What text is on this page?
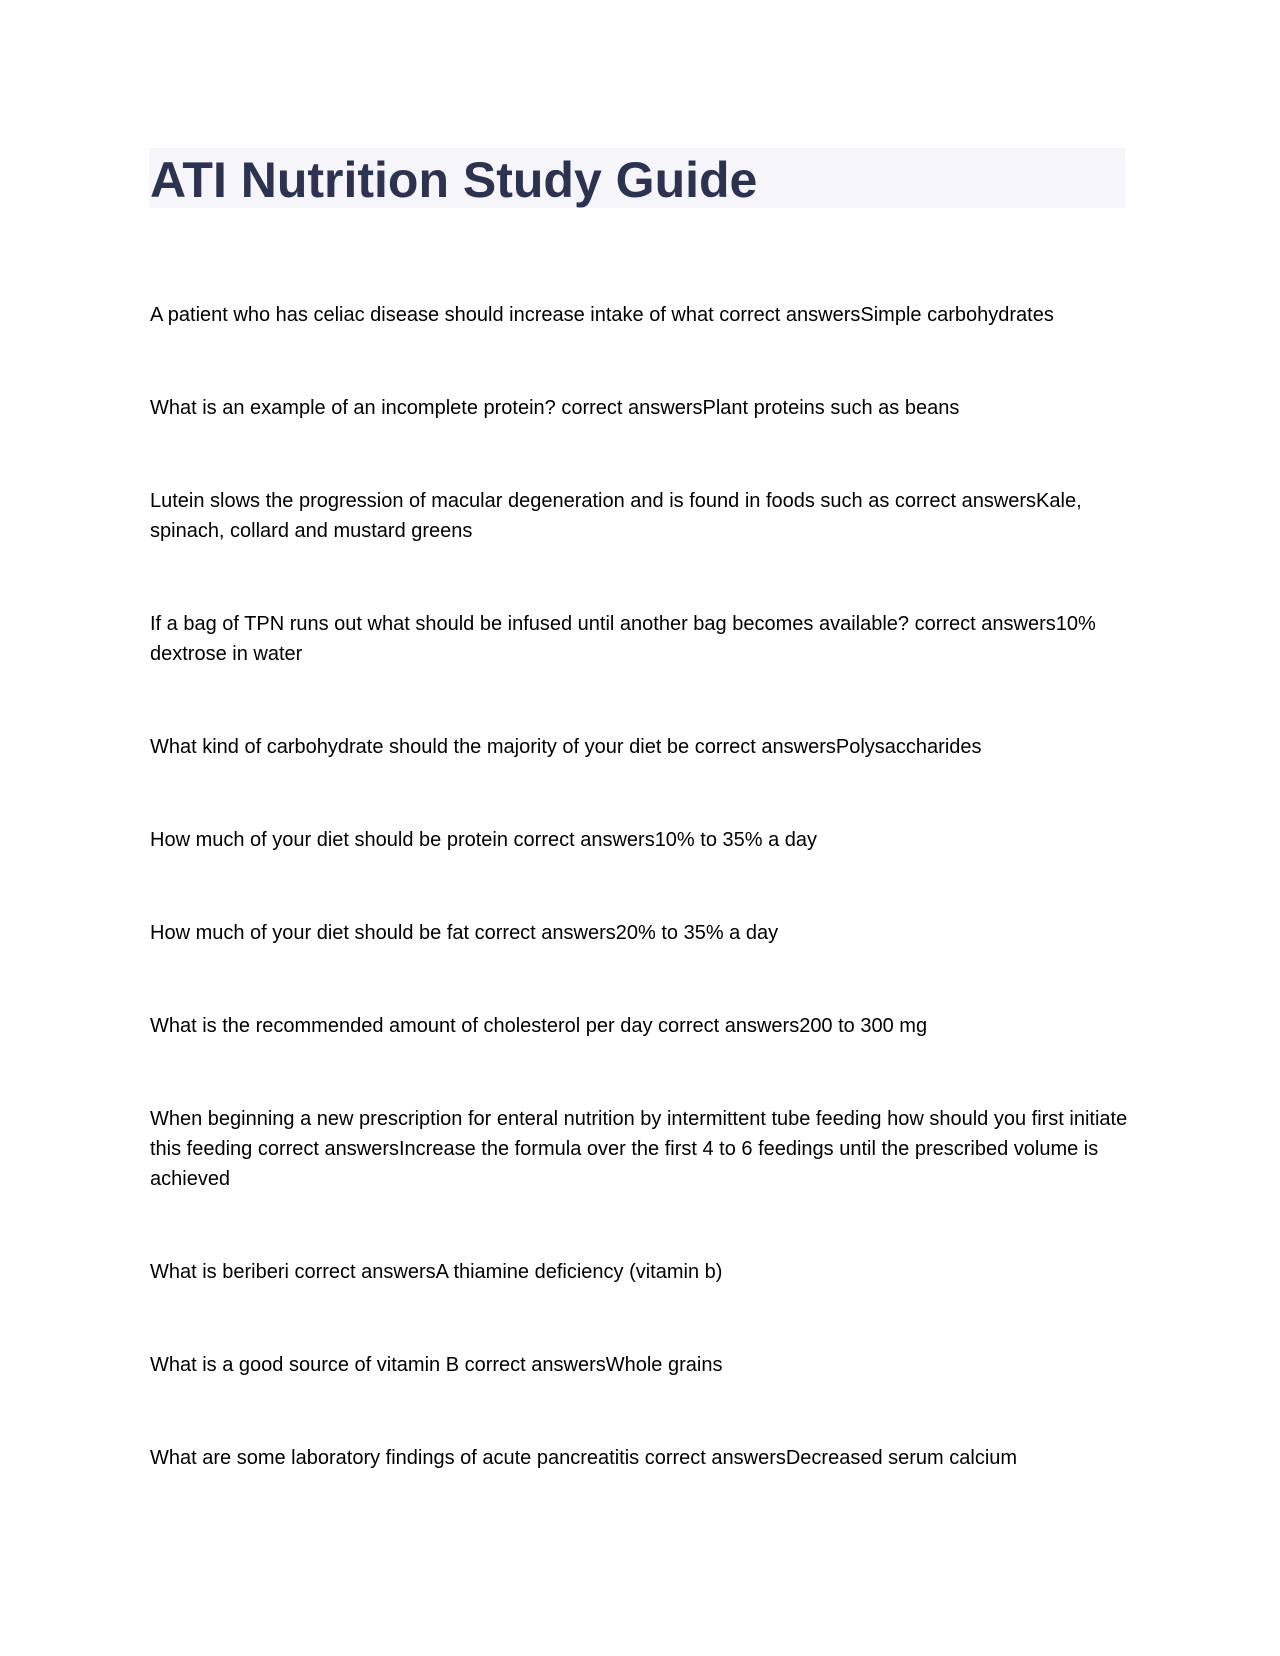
ATI Nutrition Study Guide
A patient who has celiac disease should increase intake of what correct answersSimple carbohydrates
What is an example of an incomplete protein? correct answersPlant proteins such as beans
Lutein slows the progression of macular degeneration and is found in foods such as correct answersKale, spinach, collard and mustard greens
If a bag of TPN runs out what should be infused until another bag becomes available? correct answers10% dextrose in water
What kind of carbohydrate should the majority of your diet be correct answersPolysaccharides
How much of your diet should be protein correct answers10% to 35% a day
How much of your diet should be fat correct answers20% to 35% a day
What is the recommended amount of cholesterol per day correct answers200 to 300 mg
When beginning a new prescription for enteral nutrition by intermittent tube feeding how should you first initiate this feeding correct answersIncrease the formula over the first 4 to 6 feedings until the prescribed volume is achieved
What is beriberi correct answersA thiamine deficiency (vitamin b)
What is a good source of vitamin B correct answersWhole grains
What are some laboratory findings of acute pancreatitis correct answersDecreased serum calcium
